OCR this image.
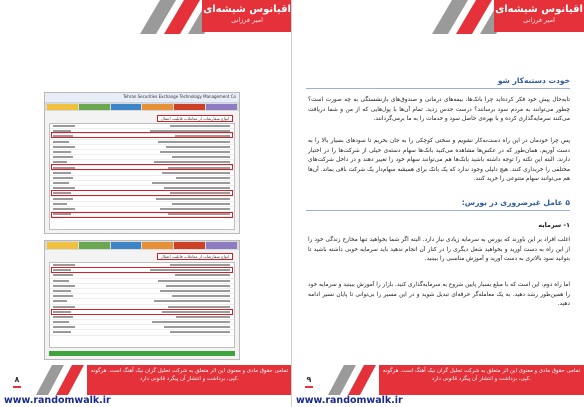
اقیانوس شیشه‌ای
امیر فرزانی
Tehran Securities Exchange Technology Management Co
انواع سفارشات از معاملات قابلیت اعمال
انواع سفارشات از معاملات قابلیت اعمال
۸
تمامی حقوق مادی و معنوی این اثر متعلق به شرکت تحلیل گران نیک آهنگ است. هرگونه کپی، برداشت و انتشار آن پیگرد قانونی دارد.
www.randomwalk.ir
اقیانوس شیشه‌ای
امیر فرزانی
خودت دستبه‌کار شو
تابه‌حال پیش خود فکر کرده‌اید چرا بانک‌ها، بیمه‌های درمانی و صندوق‌های بازنشستگی به چه صورت است؟ چطور می‌توانند به مردم سود برسانند؟ درست حدس زدید. تمام آن‌ها با پول‌هایی که از من و شما دریافت می‌کنند سرمایه‌گذاری کرده و با بهره‌ی حاصل سود و خدمات را به ما برمی‌گردانند.
پس چرا خودمان در این راه دست‌به‌کار نشویم و سختی کوچکی را به جان بخریم تا سودهای بسیار بالا را به دست آوریم. همان‌طور که در عکس‌ها مشاهده می‌کنید بانک‌ها سهام دسته‌ی خیلی از شرکت‌ها را در اختیار دارند. البته این نکته را توجه داشته باشید بانک‌ها هم می‌توانند سهام خود را تغییر دهند و در داخل شرکت‌های مختلفی را خریداری کنند. هیچ دلیلی وجود ندارد که یک بانک برای همیشه سهام‌دار یک شرکت باقی بماند. آن‌ها هم می‌توانند سهام متنوعی را خرید کنند.
۵ عامل غیرضروری در بورس:
۱- سرمایه
اغلب افراد بر این باورند که بورس به سرمایه زیادی نیاز دارد. البته اگر شما بخواهید تنها مخارج زندگی خود را از این راه به دست آورید و بخواهید شغل دیگری را در کنار آن انجام ندهید باید سرمایه خوبی داشته باشید تا بتوانید سود بالاتری به دست آورید و آموزش مناسبی را ببینید.
اما راه دوم، این است که با مبلغ بسیار پایین شروع به سرمایه‌گذاری کنید. بازار را آموزش ببینید و سرمایه خود را همین‌طور رشد دهید. به یک معامله‌گر حرفه‌ای تبدیل شوید و در این مسیر را بی‌توانی تا پایان نسیر ادامه دهید.
۹
تمامی حقوق مادی و معنوی این اثر متعلق به شرکت تحلیل گران نیک آهنگ است. هرگونه کپی، برداشت و انتشار آن پیگرد قانونی دارد.
www.randomwalk.ir
